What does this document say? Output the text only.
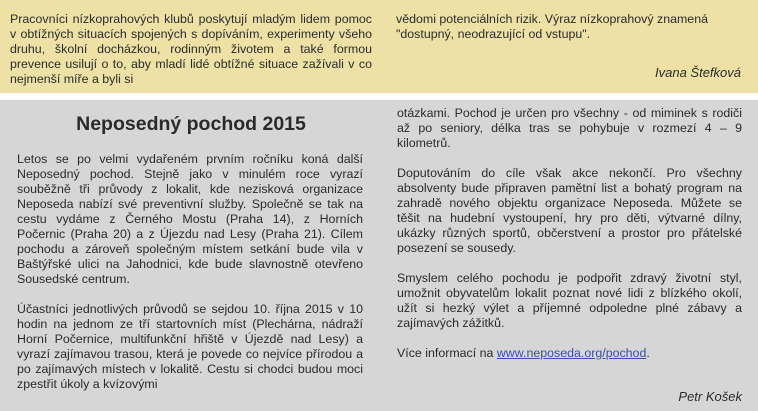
Pracovníci nízkoprahových klubů poskytují mladým lidem pomoc v obtížných situacích spojených s dopíváním, experimenty všeho druhu, školní docházkou, rodinným životem a také formou prevence usilují o to, aby mladí lidé obtížné situace zažívali v co nejmenší míře a byli si
vědomi potenciálních rizik. Výraz nízkoprahový znamená "dostupný, neodrazující od vstupu".
Ivana Štefková
Neposedný pochod 2015

Letos se po velmi vydařeném prvním ročníku koná další Neposedný pochod. Stejně jako v minulém roce vyrazí souběžně tři průvody z lokalit, kde nezisková organizace Neposeda nabízí své preventivní služby. Společně se tak na cestu vydáme z Černého Mostu (Praha 14), z Horních Počernic (Praha 20) a z Újezdu nad Lesy (Praha 21). Cílem pochodu a zároveň společným místem setkání bude vila v Baštýřské ulici na Jahodnici, kde bude slavnostně otevřeno Sousedské centrum.

Účastníci jednotlivých průvodů se sejdou 10. října 2015 v 10 hodin na jednom ze tří startovních míst (Plechárna, nádraží Horní Počernice, multifunkční hřiště v Újezdě nad Lesy) a vyrazí zajímavou trasou, která je povede co nejvíce přírodou a po zajímavých místech v lokalitě. Cestu si chodci budou moci zpestřit úkoly a kvízovými

otázkami. Pochod je určen pro všechny - od miminek s rodiči až po seniory, délka tras se pohybuje v rozmezí 4 – 9 kilometrů.

Doputováním do cíle však akce nekončí. Pro všechny absolventy bude připraven pamětní list a bohatý program na zahradě nového objektu organizace Neposeda. Můžete se těšit na hudební vystoupení, hry pro děti, výtvarné dílny, ukázky různých sportů, občerstvení a prostor pro přátelské posezení se sousedy.

Smyslem celého pochodu je podpořit zdravý životní styl, umožnit obyvatelům lokalit poznat nové lidi z blízkého okolí, užít si hezký výlet a příjemné odpoledne plné zábavy a zajímavých zážitků.

Více informací na www.neposeda.org/pochod.

Petr Košek
